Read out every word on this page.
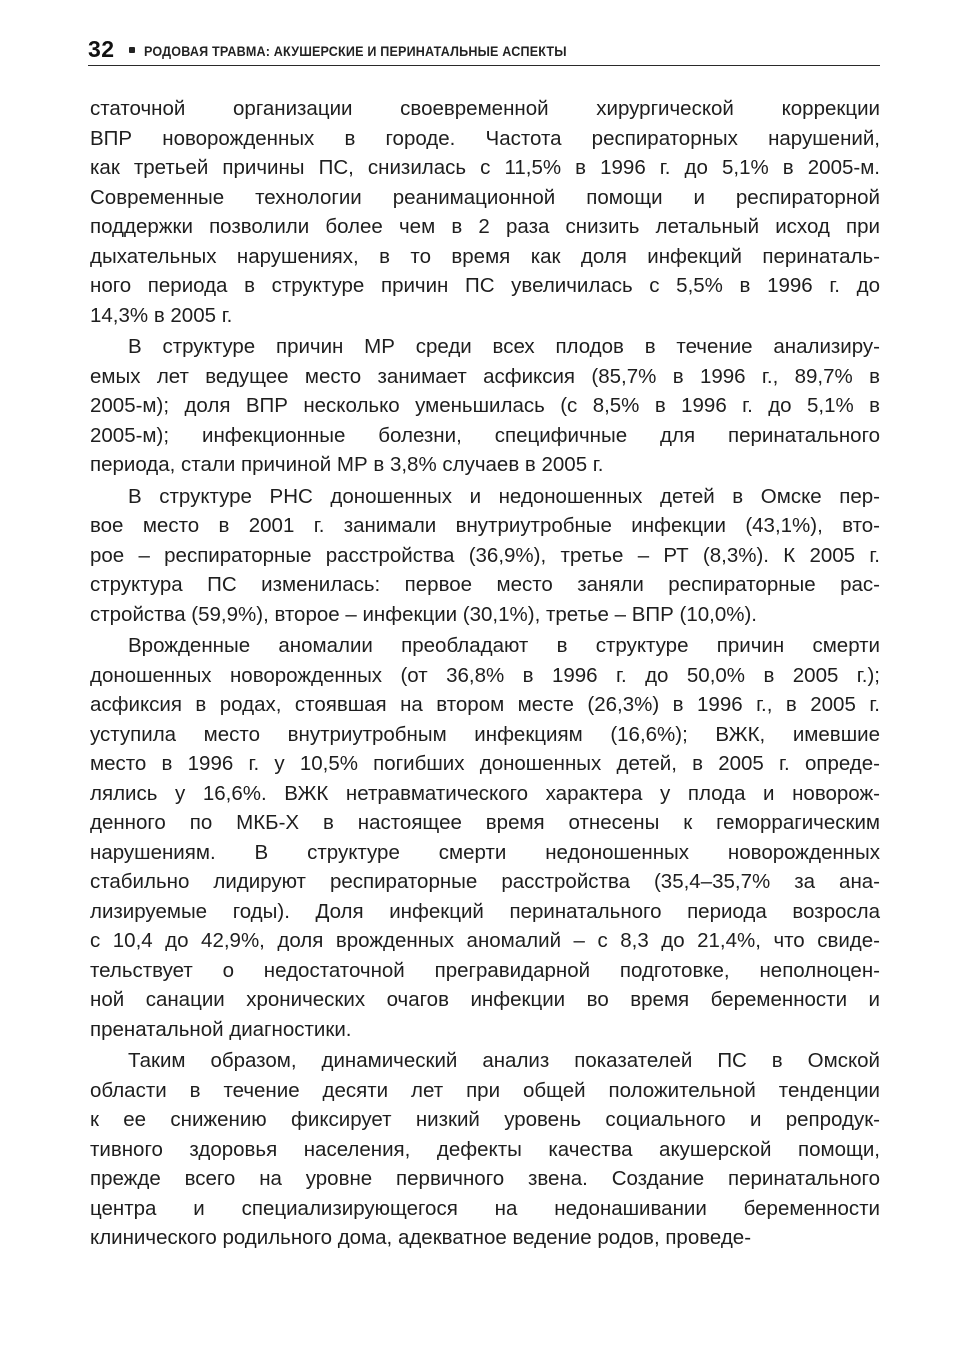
32 РОДОВАЯ ТРАВМА: АКУШЕРСКИЕ И ПЕРИНАТАЛЬНЫЕ АСПЕКТЫ
статочной организации своевременной хирургической коррекции
ВПР новорожденных в городе. Частота респираторных нарушений,
как третьей причины ПС, снизилась с 11,5% в 1996 г. до 5,1% в 2005-м.
Современные технологии реанимационной помощи и респираторной
поддержки позволили более чем в 2 раза снизить летальный исход при
дыхательных нарушениях, в то время как доля инфекций перинаталь-
ного периода в структуре причин ПС увеличилась с 5,5% в 1996 г. до
14,3% в 2005 г.
В структуре причин МР среди всех плодов в течение анализиру-
емых лет ведущее место занимает асфиксия (85,7% в 1996 г., 89,7% в
2005-м); доля ВПР несколько уменьшилась (с 8,5% в 1996 г. до 5,1% в
2005-м); инфекционные болезни, специфичные для перинатального
периода, стали причиной МР в 3,8% случаев в 2005 г.
В структуре РНС доношенных и недоношенных детей в Омске пер-
вое место в 2001 г. занимали внутриутробные инфекции (43,1%), вто-
рое – респираторные расстройства (36,9%), третье – РТ (8,3%). К 2005 г.
структура ПС изменилась: первое место заняли респираторные рас-
стройства (59,9%), второе – инфекции (30,1%), третье – ВПР (10,0%).
Врожденные аномалии преобладают в структуре причин смерти
доношенных новорожденных (от 36,8% в 1996 г. до 50,0% в 2005 г.);
асфиксия в родах, стоявшая на втором месте (26,3%) в 1996 г., в 2005 г.
уступила место внутриутробным инфекциям (16,6%); ВЖК, имевшие
место в 1996 г. у 10,5% погибших доношенных детей, в 2005 г. опреде-
лялись у 16,6%. ВЖК нетравматического характера у плода и новорож-
денного по МКБ-Х в настоящее время отнесены к геморрагическим
нарушениям. В структуре смерти недоношенных новорожденных
стабильно лидируют респираторные расстройства (35,4–35,7% за ана-
лизируемые годы). Доля инфекций перинатального периода возросла
с 10,4 до 42,9%, доля врожденных аномалий – с 8,3 до 21,4%, что свиде-
тельствует о недостаточной прегравидарной подготовке, неполноцен-
ной санации хронических очагов инфекции во время беременности и
пренатальной диагностики.
Таким образом, динамический анализ показателей ПС в Омской
области в течение десяти лет при общей положительной тенденции
к ее снижению фиксирует низкий уровень социального и репродук-
тивного здоровья населения, дефекты качества акушерской помощи,
прежде всего на уровне первичного звена. Создание перинатального
центра и специализирующегося на недонашивании беременности
клинического родильного дома, адекватное ведение родов, проведе-
